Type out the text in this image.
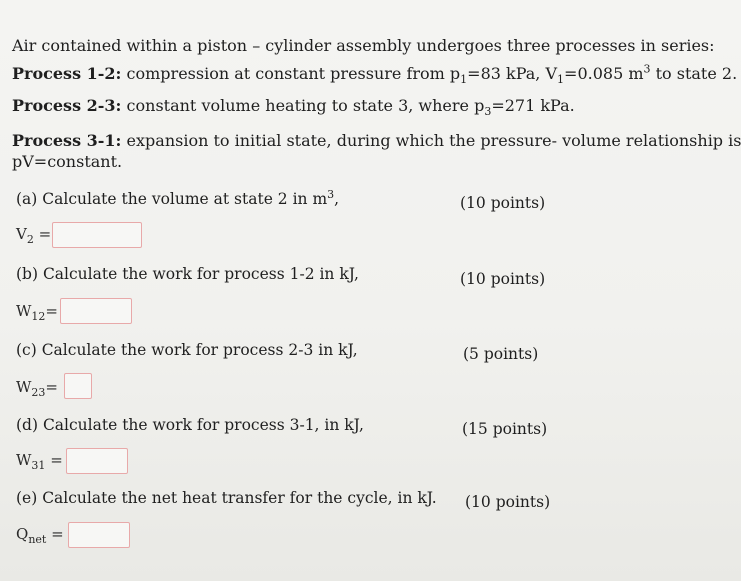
Air contained within a piston – cylinder assembly undergoes three processes in series:
Process 1-2: compression at constant pressure from $p_1=83$ kPa, $V_1=0.085$ $m^3$ to state 2.
Process 2-3: constant volume heating to state 3, where $p_3=271$ kPa.
Process 3-1: expansion to initial state, during which the pressure- volume relationship is
pV=constant.
(a) Calculate the volume at state 2 in $m^3$,	(10 points)
$V_2$ =
(b) Calculate the work for process 1-2 in kJ,	(10 points)
$W_{12}=$
(c) Calculate the work for process 2-3 in kJ,	(5 points)
$W_{23}=$
(d) Calculate the work for process 3-1, in kJ,	(15 points)
$W_{31}$ =
(e) Calculate the net heat transfer for the cycle, in kJ. (10 points)
$Q_{net}$ =
